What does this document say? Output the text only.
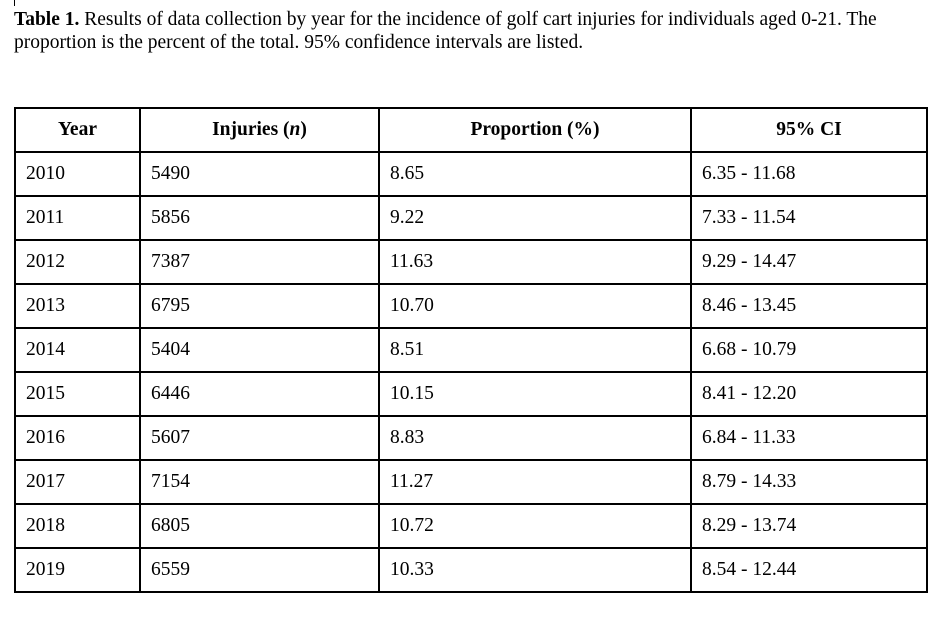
Table 1. Results of data collection by year for the incidence of golf cart injuries for individuals aged 0-21. The proportion is the percent of the total. 95% confidence intervals are listed.
Year	Injuries (n)	Proportion (%)	95% CI
2010	5490	8.65	6.35 - 11.68
2011	5856	9.22	7.33 - 11.54
2012	7387	11.63	9.29 - 14.47
2013	6795	10.70	8.46 - 13.45
2014	5404	8.51	6.68 - 10.79
2015	6446	10.15	8.41 - 12.20
2016	5607	8.83	6.84 - 11.33
2017	7154	11.27	8.79 - 14.33
2018	6805	10.72	8.29 - 13.74
2019	6559	10.33	8.54 - 12.44
